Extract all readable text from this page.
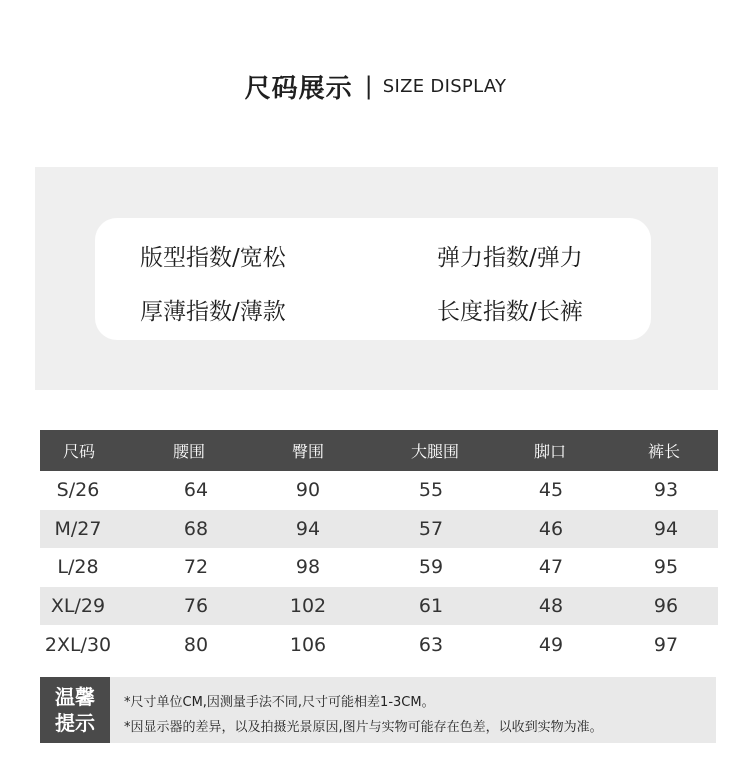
尺码展示 | SIZE DISPLAY
版型指数/宽松	弹力指数/弹力
厚薄指数/薄款	长度指数/长裤
尺码	腰围	臀围	大腿围	脚口	裤长
S/26	64	90	55	45	93
M/27	68	94	57	46	94
L/28	72	98	59	47	95
XL/29	76	102	61	48	96
2XL/30	80	106	63	49	97
温馨
提示
*尺寸单位CM,因测量手法不同,尺寸可能相差1-3CM。
*因显示器的差异，以及拍摄光景原因,图片与实物可能存在色差，以收到实物为准。
